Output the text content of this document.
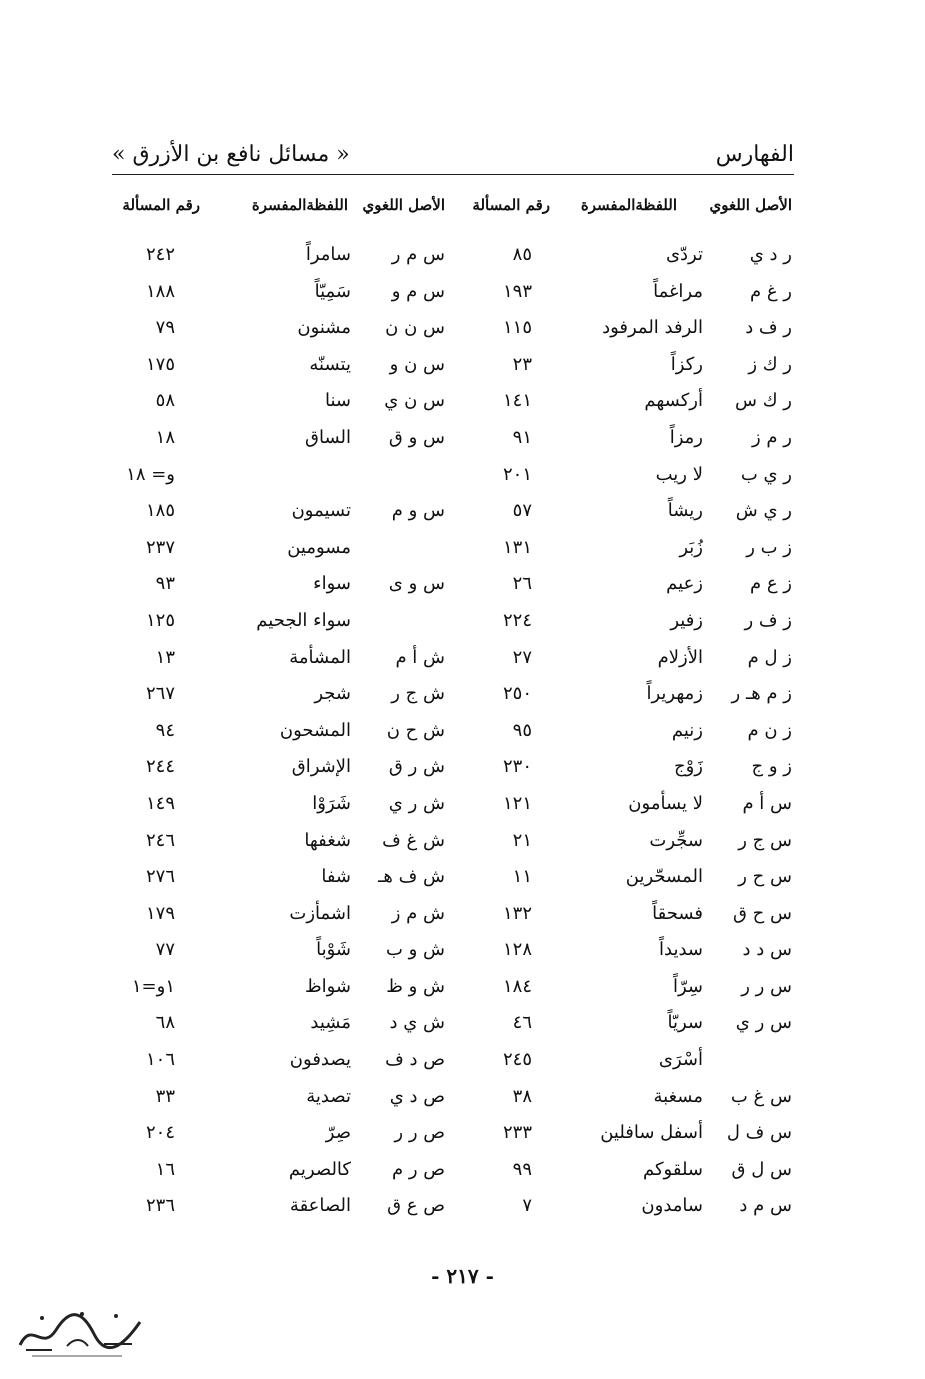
الفهارس
« مسائل نافع بن الأزرق »
الأصل اللغوي
اللفظةالمفسرة
رقم المسألة
الأصل اللغوي
اللفظةالمفسرة
رقم المسألة
ر د ي
تردّى
٨٥
س م ر
سامراً
٢٤٢
ر غ م
مراغماً
١٩٣
س م و
سَمِيّاً
١٨٨
ر ف د
الرفد المرفود
١١٥
س ن ن
مشنون
٧٩
ر ك ز
ركزاً
٢٣
س ن و
يتسنّه
١٧٥
ر ك س
أركسهم
١٤١
س ن ي
سنا
٥٨
ر م ز
رمزاً
٩١
س و ق
الساق
١٨
ر ي ب
لا ريب
٢٠١
و= ١٨
ر ي ش
ريشاً
٥٧
س و م
تسيمون
١٨٥
ز ب ر
زُبَر
١٣١
مسومين
٢٣٧
ز ع م
زعيم
٢٦
س و ى
سواء
٩٣
ز ف ر
زفير
٢٢٤
سواء الجحيم
١٢٥
ز ل م
الأزلام
٢٧
ش أ م
المشأمة
١٣
ز م هـ ر
زمهريراً
٢٥٠
ش ج ر
شجر
٢٦٧
ز ن م
زنيم
٩٥
ش ح ن
المشحون
٩٤
ز و ج
زَوْج
٢٣٠
ش ر ق
الإشراق
٢٤٤
س أ م
لا يسأمون
١٢١
ش ر ي
شَرَوْا
١٤٩
س ج ر
سجِّرت
٢١
ش غ ف
شغفها
٢٤٦
س ح ر
المسحّرين
١١
ش ف هـ
شفا
٢٧٦
س ح ق
فسحقاً
١٣٢
ش م ز
اشمأزت
١٧٩
س د د
سديداً
١٢٨
ش و ب
شَوْباً
٧٧
س ر ر
سِرّاً
١٨٤
ش و ظ
شواظ
١و=١
س ر ي
سريّاً
٤٦
ش ي د
مَشِيد
٦٨
أسْرَى
٢٤٥
ص د ف
يصدفون
١٠٦
س غ ب
مسغبة
٣٨
ص د ي
تصدية
٣٣
س ف ل
أسفل سافلين
٢٣٣
ص ر ر
صِرّ
٢٠٤
س ل ق
سلقوكم
٩٩
ص ر م
كالصريم
١٦
س م د
سامدون
٧
ص ع ق
الصاعقة
٢٣٦
- ٢١٧ -
